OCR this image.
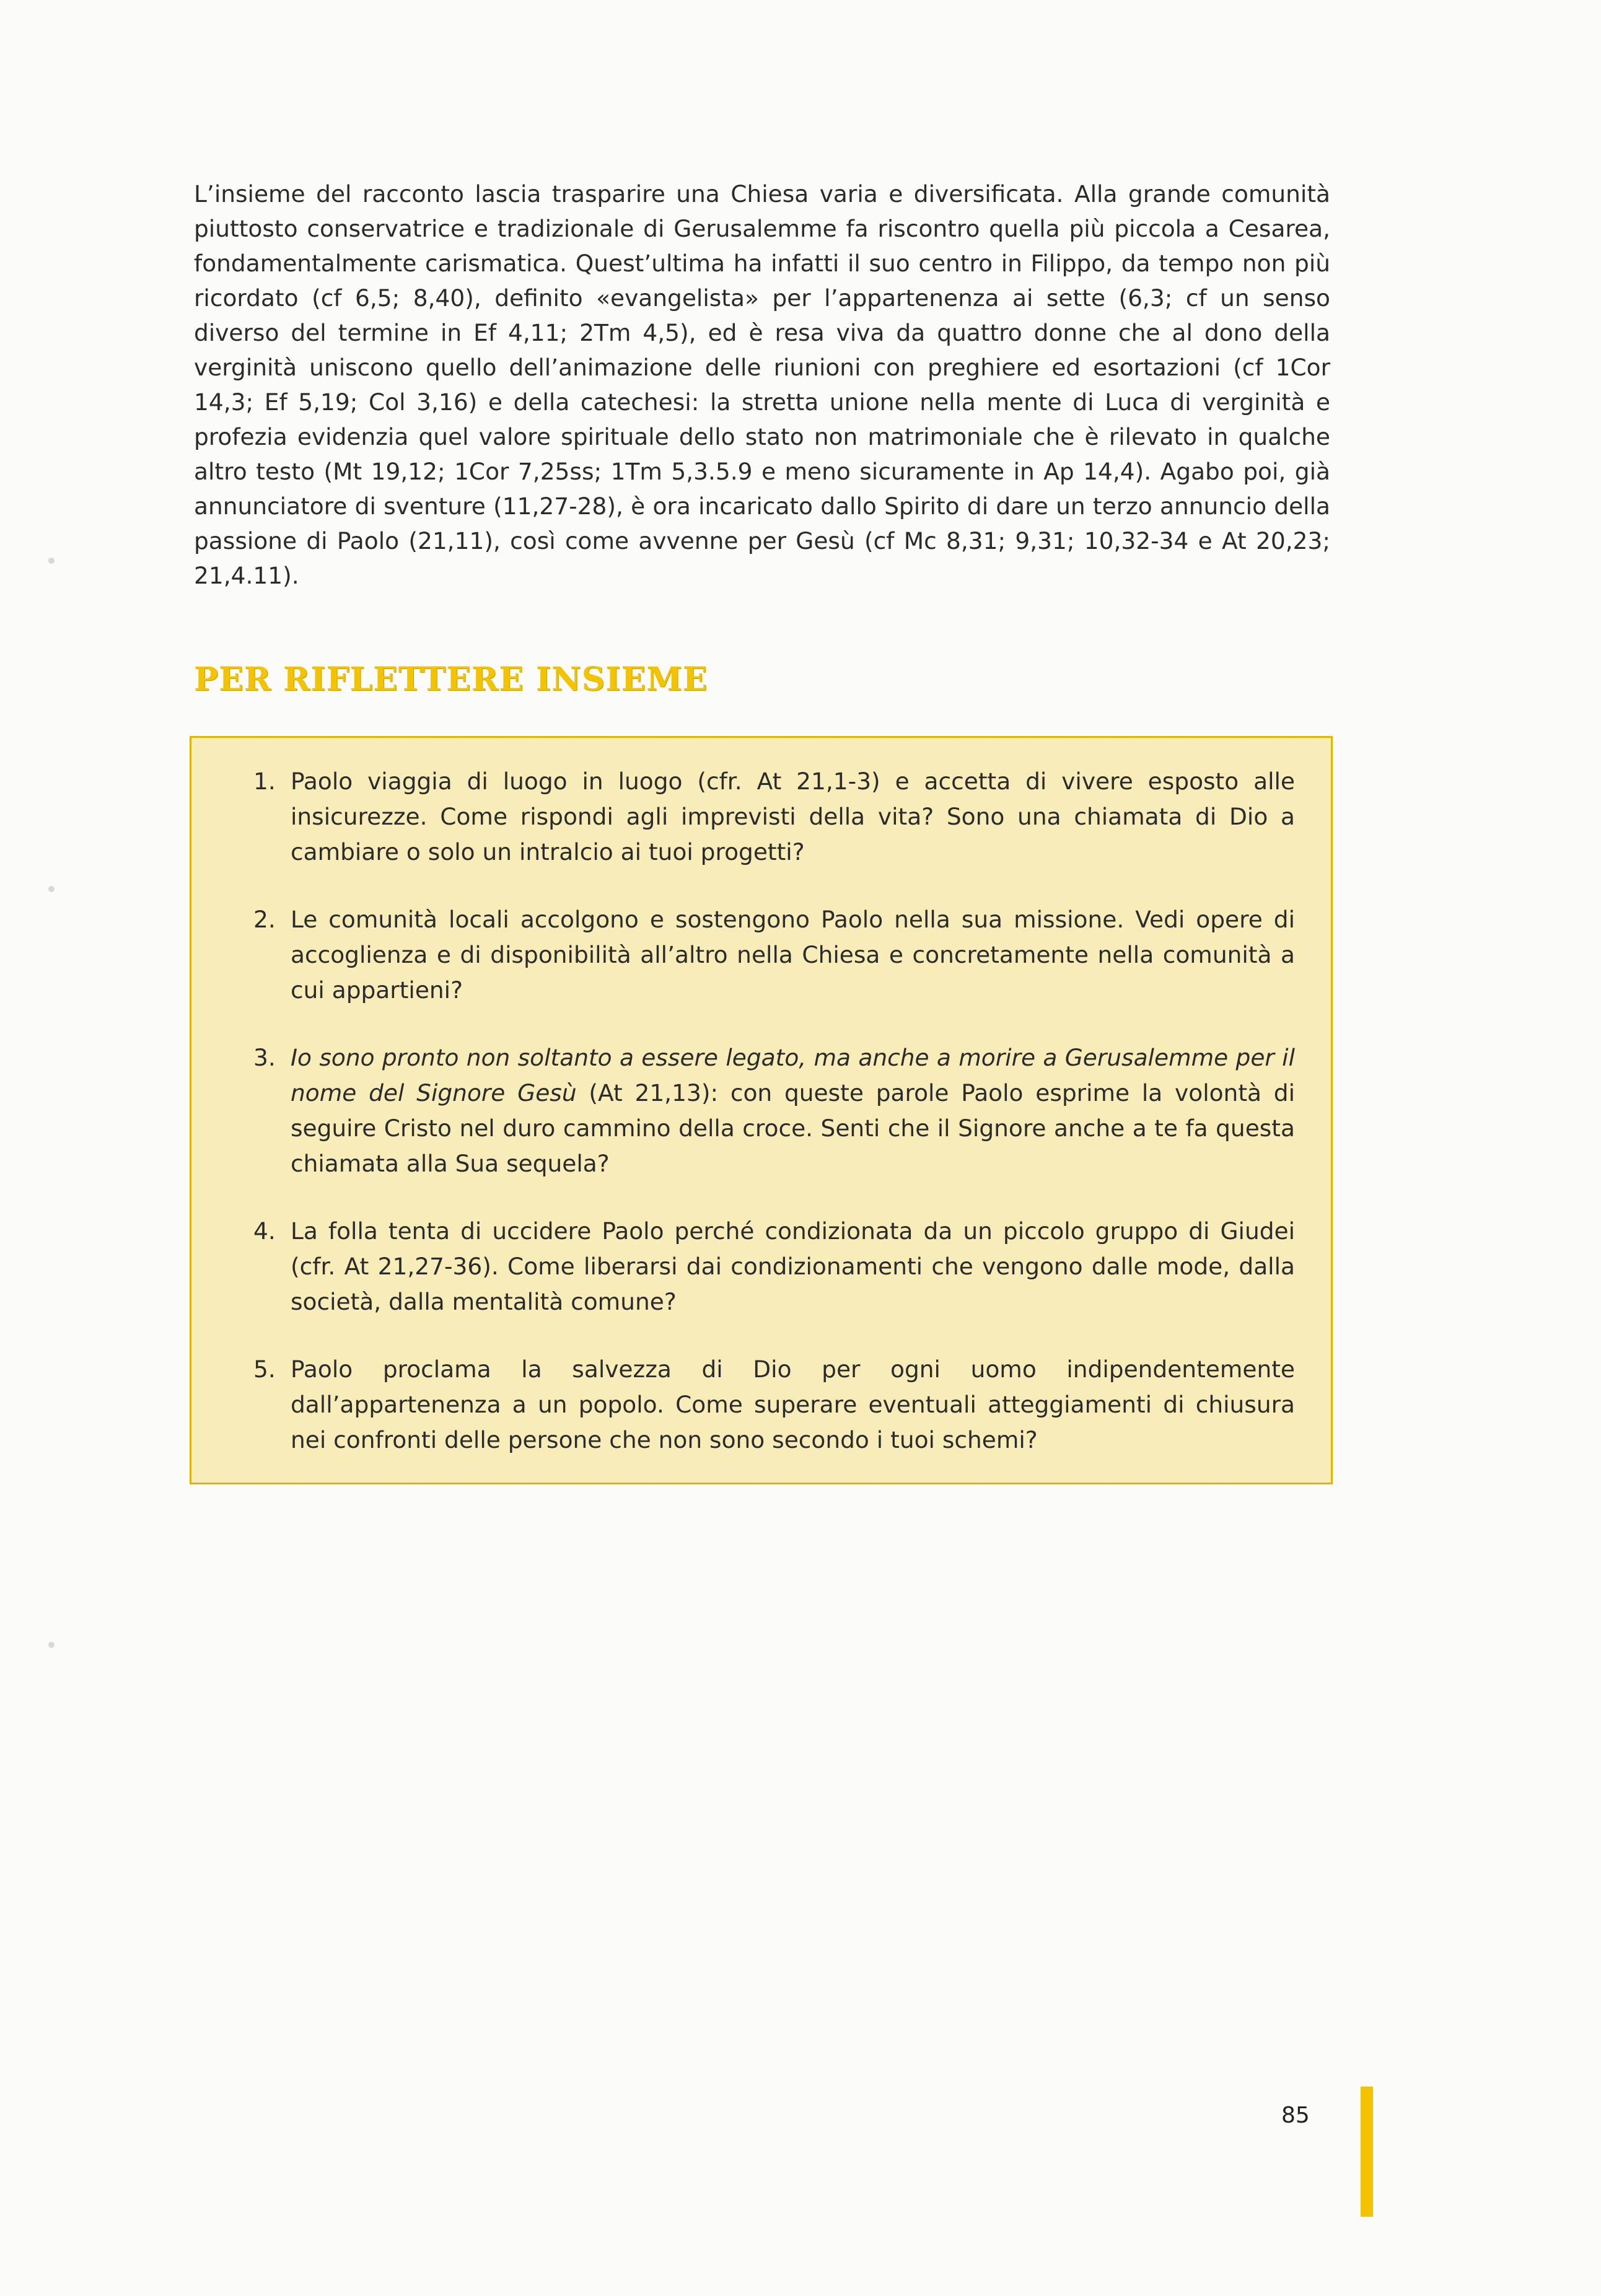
L’insieme del racconto lascia trasparire una Chiesa varia e diversificata. Alla grande comunità piuttosto conservatrice e tradizionale di Gerusalemme fa riscontro quella più piccola a Cesarea, fondamentalmente carismatica. Quest’ultima ha infatti il suo centro in Filippo, da tempo non più ricordato (cf 6,5; 8,40), definito «evangelista» per l’appartenenza ai sette (6,3; cf un senso diverso del termine in Ef 4,11; 2Tm 4,5), ed è resa viva da quattro donne che al dono della verginità uniscono quello dell’animazione delle riunioni con preghiere ed esortazioni (cf 1Cor 14,3; Ef 5,19; Col 3,16) e della catechesi: la stretta unione nella mente di Luca di verginità e profezia evidenzia quel valore spirituale dello stato non matrimoniale che è rilevato in qualche altro testo (Mt 19,12; 1Cor 7,25ss; 1Tm 5,3.5.9 e meno sicuramente in Ap 14,4). Agabo poi, già annunciatore di sventure (11,27-28), è ora incaricato dallo Spirito di dare un terzo annuncio della passione di Paolo (21,11), così come avvenne per Gesù (cf Mc 8,31; 9,31; 10,32-34 e At 20,23; 21,4.11).

PER RIFLETTERE INSIEME
1. Paolo viaggia di luogo in luogo (cfr. At 21,1-3) e accetta di vivere esposto alle insicurezze. Come rispondi agli imprevisti della vita? Sono una chiamata di Dio a cambiare o solo un intralcio ai tuoi progetti?
2. Le comunità locali accolgono e sostengono Paolo nella sua missione. Vedi opere di accoglienza e di disponibilità all’altro nella Chiesa e concretamente nella comunità a cui appartieni?
3. Io sono pronto non soltanto a essere legato, ma anche a morire a Gerusalemme per il nome del Signore Gesù (At 21,13): con queste parole Paolo esprime la volontà di seguire Cristo nel duro cammino della croce. Senti che il Signore anche a te fa questa chiamata alla Sua sequela?
4. La folla tenta di uccidere Paolo perché condizionata da un piccolo gruppo di Giudei (cfr. At 21,27-36). Come liberarsi dai condizionamenti che vengono dalle mode, dalla società, dalla mentalità comune?
5. Paolo proclama la salvezza di Dio per ogni uomo indipendentemente dall’appartenenza a un popolo. Come superare eventuali atteggiamenti di chiusura nei confronti delle persone che non sono secondo i tuoi schemi?
85
